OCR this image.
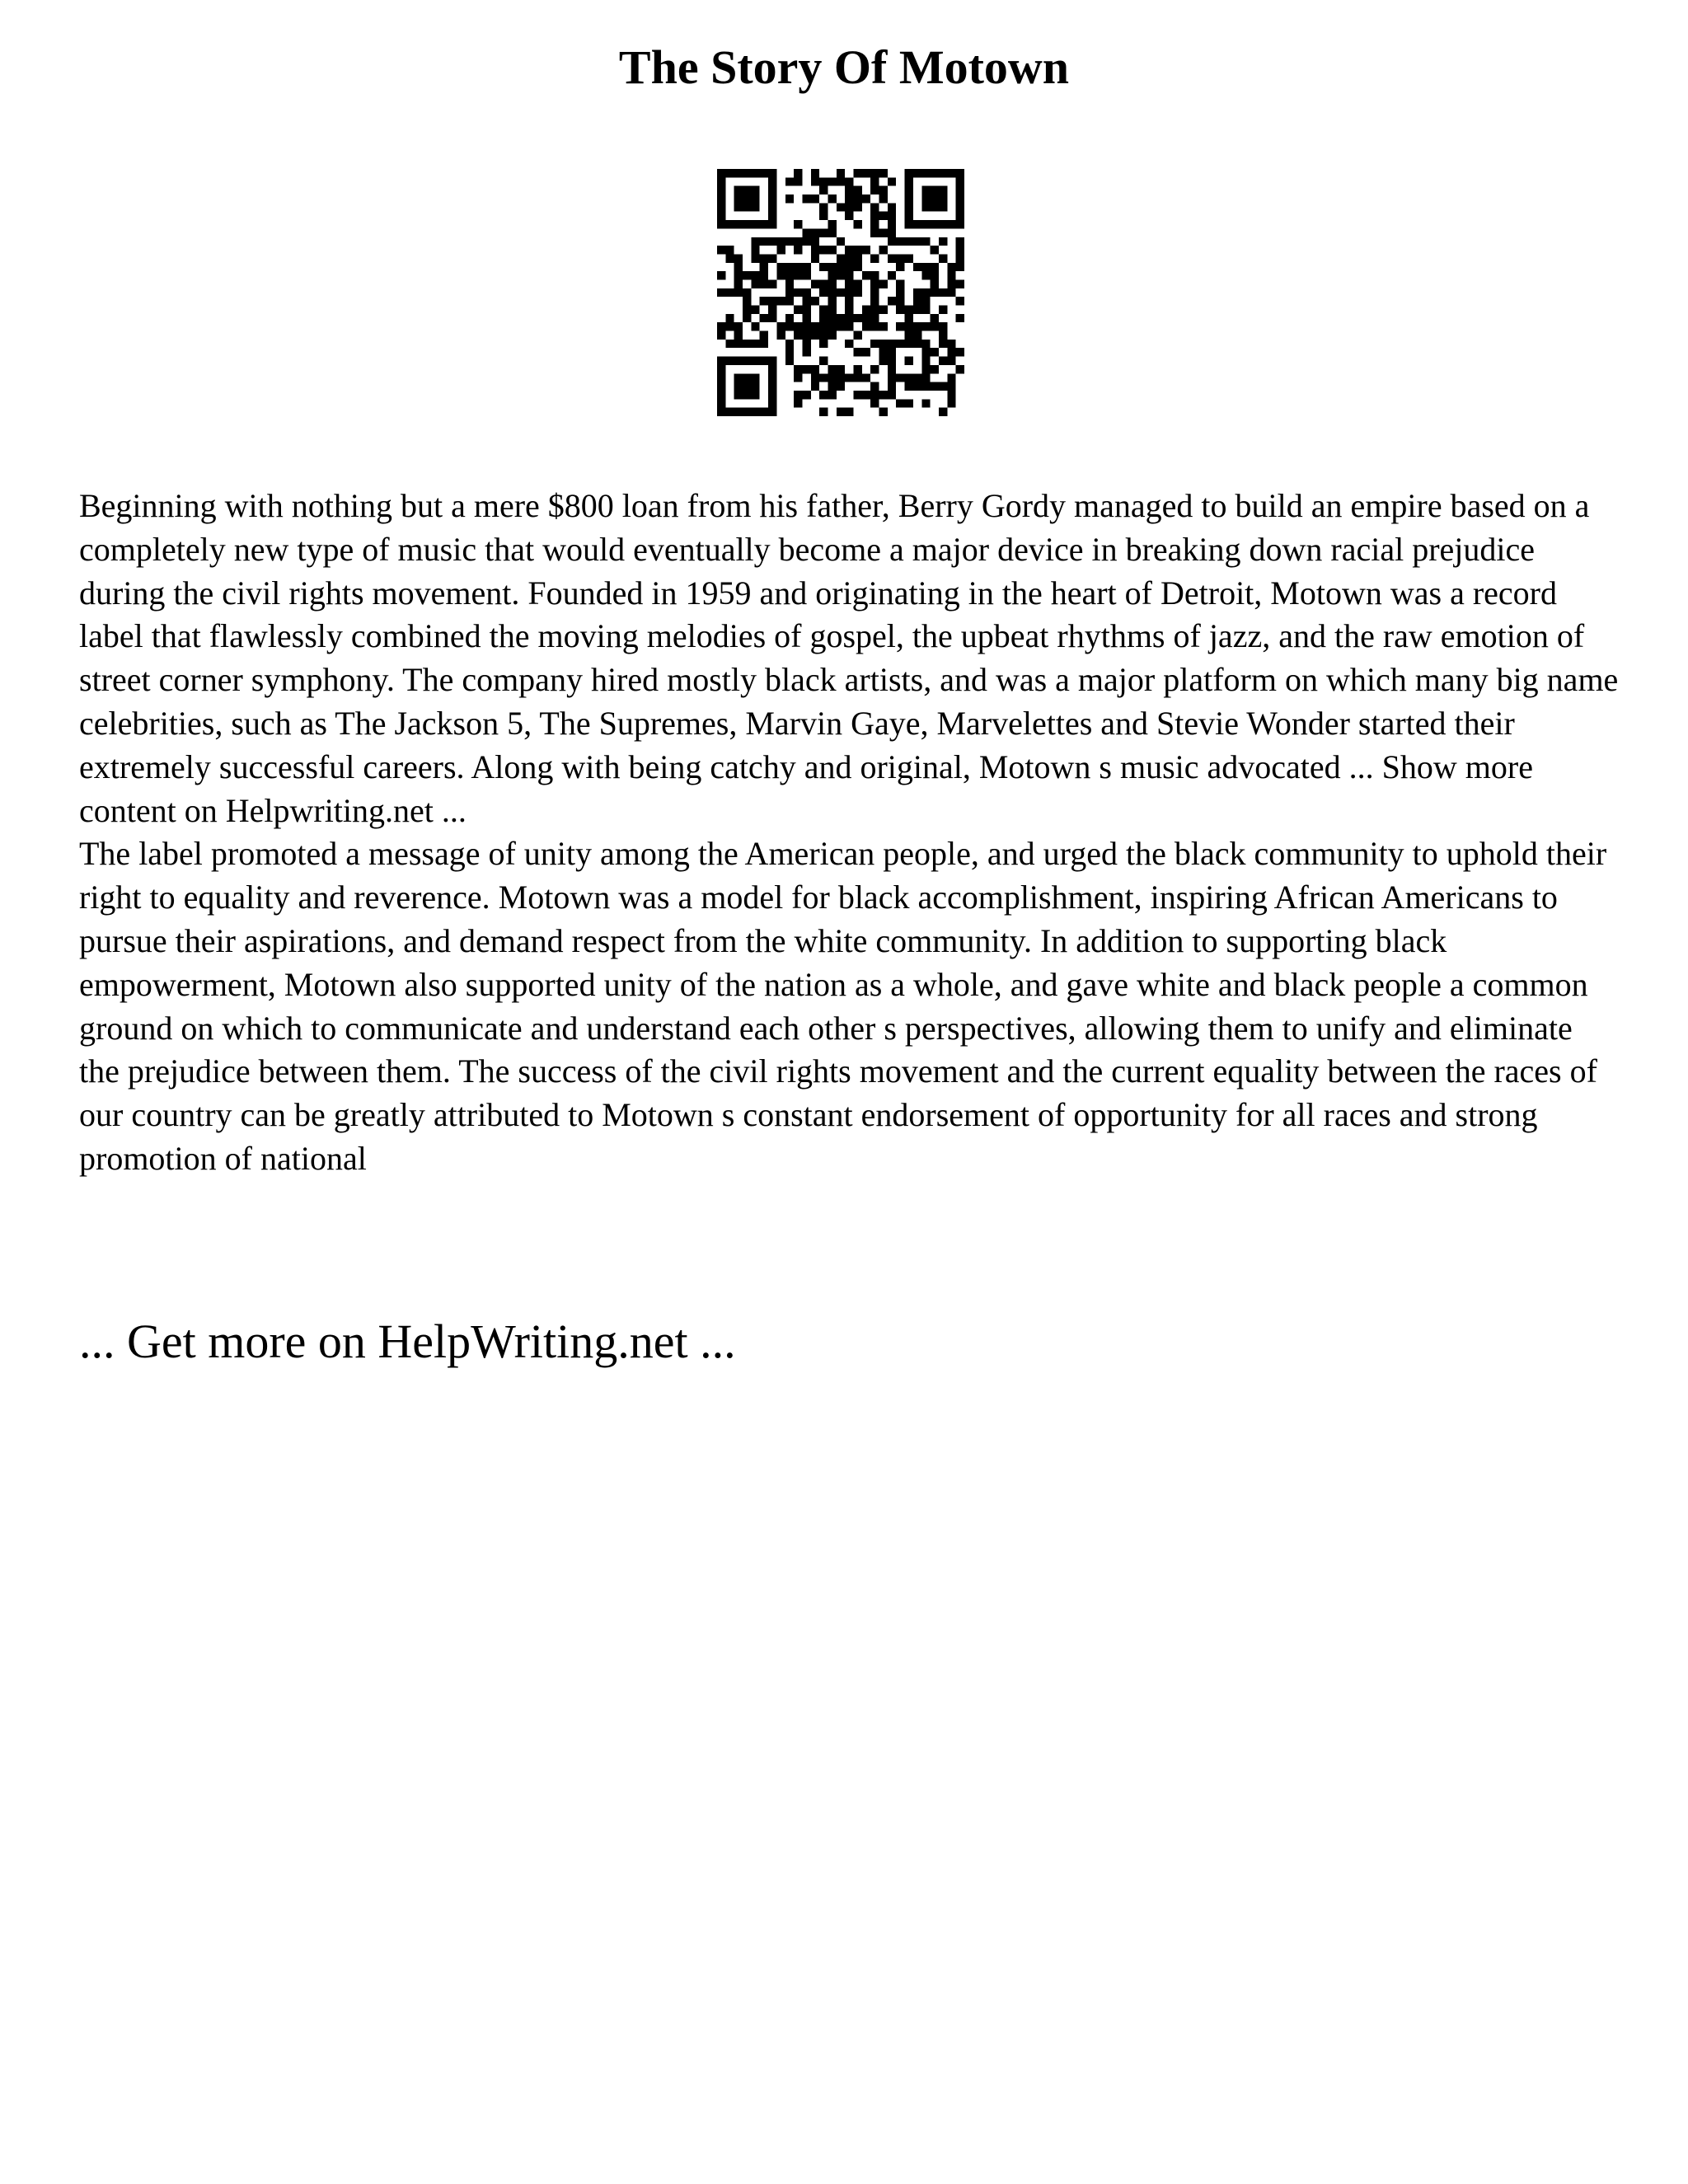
The Story Of Motown

Beginning with nothing but a mere $800 loan from his father, Berry Gordy managed to build an empire based on a completely new type of music that would eventually become a major device in breaking down racial prejudice during the civil rights movement. Founded in 1959 and originating in the heart of Detroit, Motown was a record label that flawlessly combined the moving melodies of gospel, the upbeat rhythms of jazz, and the raw emotion of street corner symphony. The company hired mostly black artists, and was a major platform on which many big name celebrities, such as The Jackson 5, The Supremes, Marvin Gaye, Marvelettes and Stevie Wonder started their extremely successful careers. Along with being catchy and original, Motown s music advocated ... Show more content on Helpwriting.net ...

The label promoted a message of unity among the American people, and urged the black community to uphold their right to equality and reverence. Motown was a model for black accomplishment, inspiring African Americans to pursue their aspirations, and demand respect from the white community. In addition to supporting black empowerment, Motown also supported unity of the nation as a whole, and gave white and black people a common ground on which to communicate and understand each other s perspectives, allowing them to unify and eliminate the prejudice between them. The success of the civil rights movement and the current equality between the races of our country can be greatly attributed to Motown s constant endorsement of opportunity for all races and strong promotion of national

... Get more on HelpWriting.net ...
